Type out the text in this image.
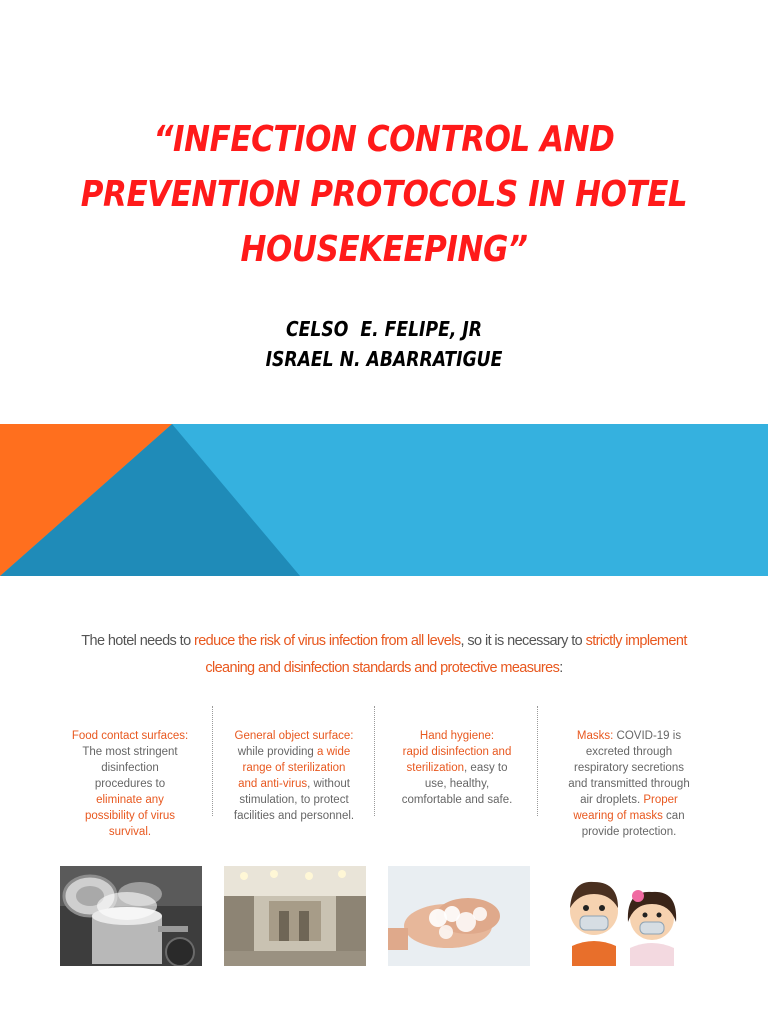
“INFECTION CONTROL AND
PREVENTION PROTOCOLS IN HOTEL
HOUSEKEEPING”
CELSO  E. FELIPE, JR
ISRAEL N. ABARRATIGUE
The hotel needs to reduce the risk of virus infection from all levels, so it is necessary to strictly implement
cleaning and disinfection standards and protective measures:
Food contact surfaces:
The most stringent
disinfection
procedures to
eliminate any
possibility of virus
survival.
General object surface:
while providing a wide
range of sterilization
and anti-virus, without
stimulation, to protect
facilities and personnel.
Hand hygiene:
rapid disinfection and
sterilization, easy to
use, healthy,
comfortable and safe.
Masks: COVID-19 is
excreted through
respiratory secretions
and transmitted through
air droplets. Proper
wearing of masks can
provide protection.
